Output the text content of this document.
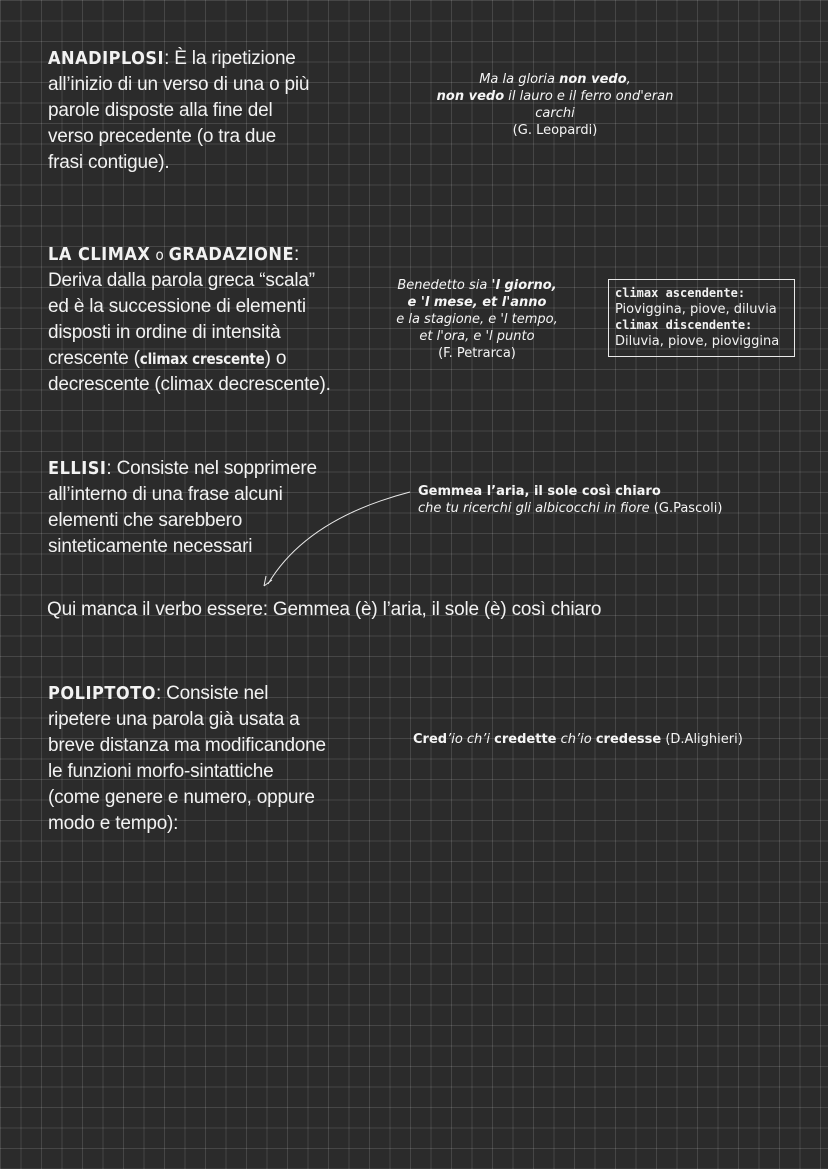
ANADIPLOSI: È la ripetizione
all’inizio di un verso di una o più
parole disposte alla fine del
verso precedente (o tra due
frasi contigue).
Ma la gloria non vedo,
non vedo il lauro e il ferro ond'eran
carchi
(G. Leopardi)
LA CLIMAX o GRADAZIONE:
Deriva dalla parola greca “scala”
ed è la successione di elementi
disposti in ordine di intensità
crescente (climax crescente) o
decrescente (climax decrescente).
Benedetto sia 'l giorno,
e 'l mese, et l'anno
e la stagione, e 'l tempo,
et l'ora, e 'l punto
(F. Petrarca)
climax ascendente:
Pioviggina, piove, diluvia
climax discendente:
Diluvia, piove, pioviggina
ELLISI: Consiste nel sopprimere
all’interno di una frase alcuni
elementi che sarebbero
sinteticamente necessari
Gemmea l’aria, il sole così chiaro
che tu ricerchi gli albicocchi in fiore (G.Pascoli)
Qui manca il verbo essere: Gemmea (è) l’aria, il sole (è) così chiaro
POLIPTOTO: Consiste nel
ripetere una parola già usata a
breve distanza ma modificandone
le funzioni morfo-sintattiche
(come genere e numero, oppure
modo e tempo):
Cred’io ch’i credette ch’io credesse (D.Alighieri)
